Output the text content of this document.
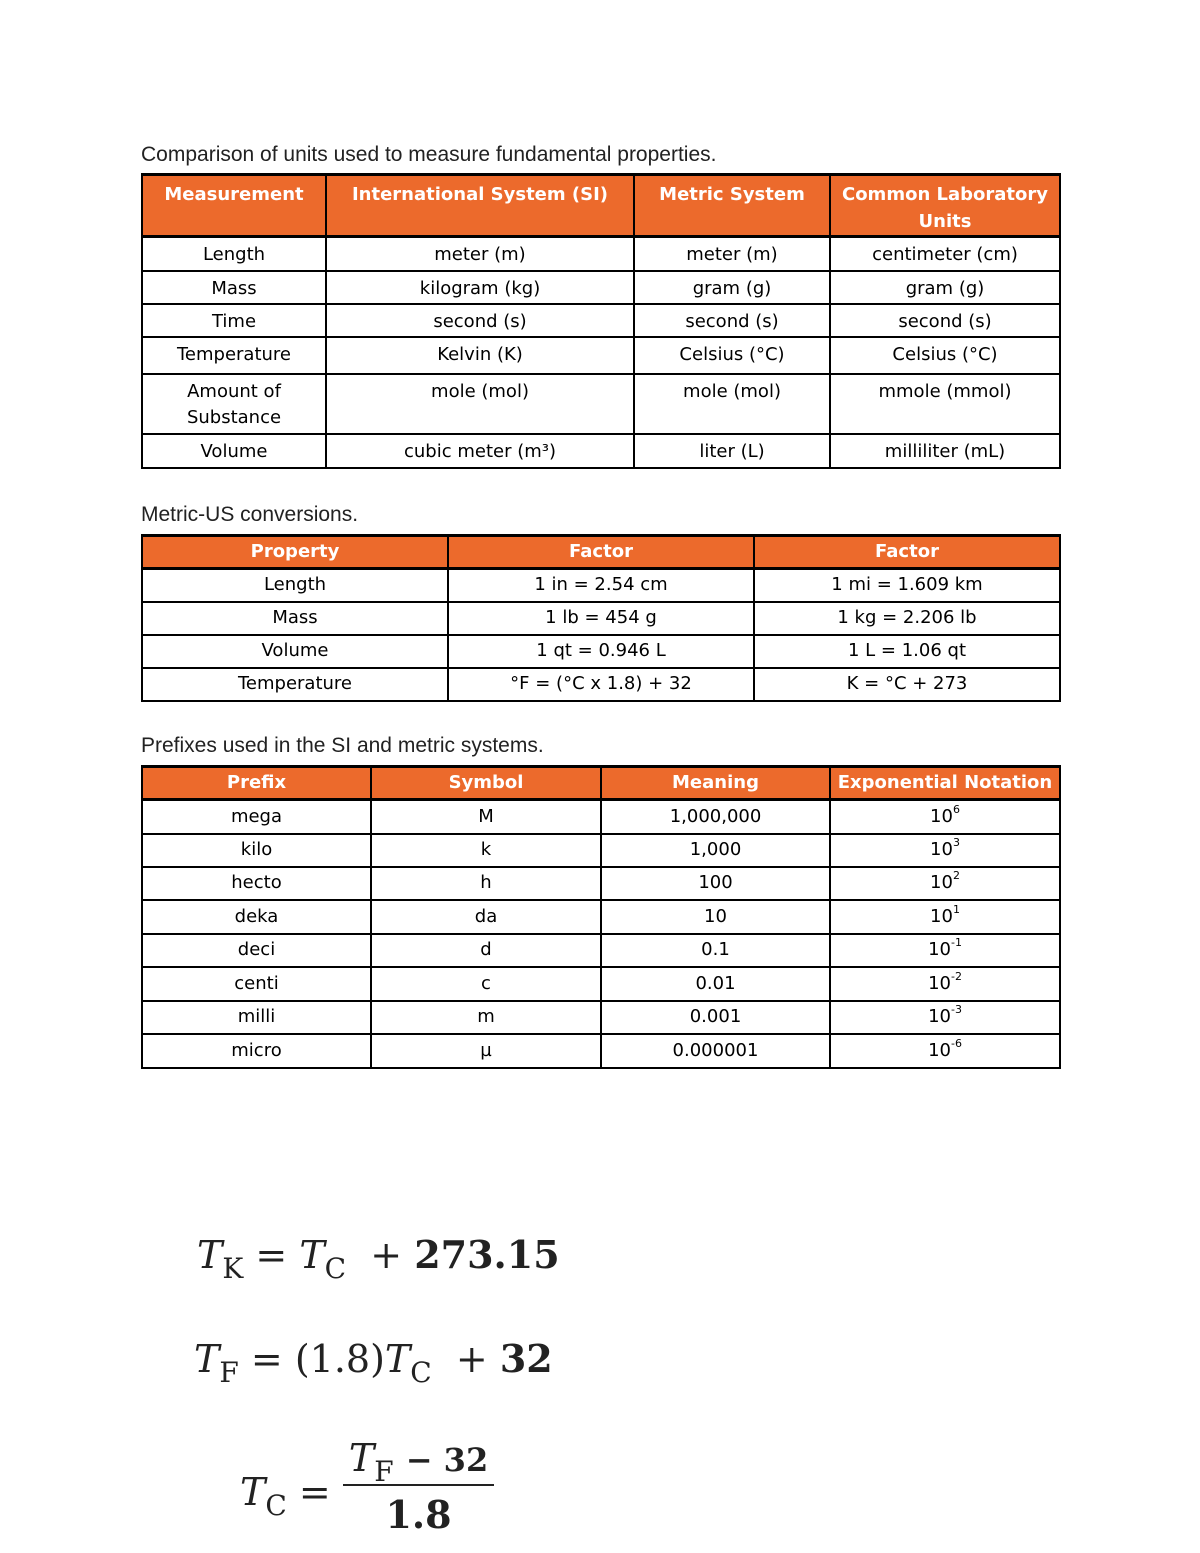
Comparison of units used to measure fundamental properties.
Measurement	International System (SI)	Metric System	Common Laboratory Units
Length	meter (m)	meter (m)	centimeter (cm)
Mass	kilogram (kg)	gram (g)	gram (g)
Time	second (s)	second (s)	second (s)
Temperature	Kelvin (K)	Celsius (°C)	Celsius (°C)
Amount of Substance	mole (mol)	mole (mol)	mmole (mmol)
Volume	cubic meter (m³)	liter (L)	milliliter (mL)
Metric-US conversions.
Property	Factor	Factor
Length	1 in = 2.54 cm	1 mi = 1.609 km
Mass	1 lb = 454 g	1 kg = 2.206 lb
Volume	1 qt = 0.946 L	1 L = 1.06 qt
Temperature	°F = (°C x 1.8) + 32	K = °C + 273
Prefixes used in the SI and metric systems.
Prefix	Symbol	Meaning	Exponential Notation
mega	M	1,000,000	$10^6$
kilo	k	1,000	$10^3$
hecto	h	100	$10^2$
deka	da	10	$10^1$
deci	d	0.1	$10^{-1}$
centi	c	0.01	$10^{-2}$
milli	m	0.001	$10^{-3}$
micro	µ	0.000001	$10^{-6}$
$T_K = T_C + 273.15$
$T_F = (1.8)T_C + 32$
$T_C = \frac{T_F - 32}{1.8}$
